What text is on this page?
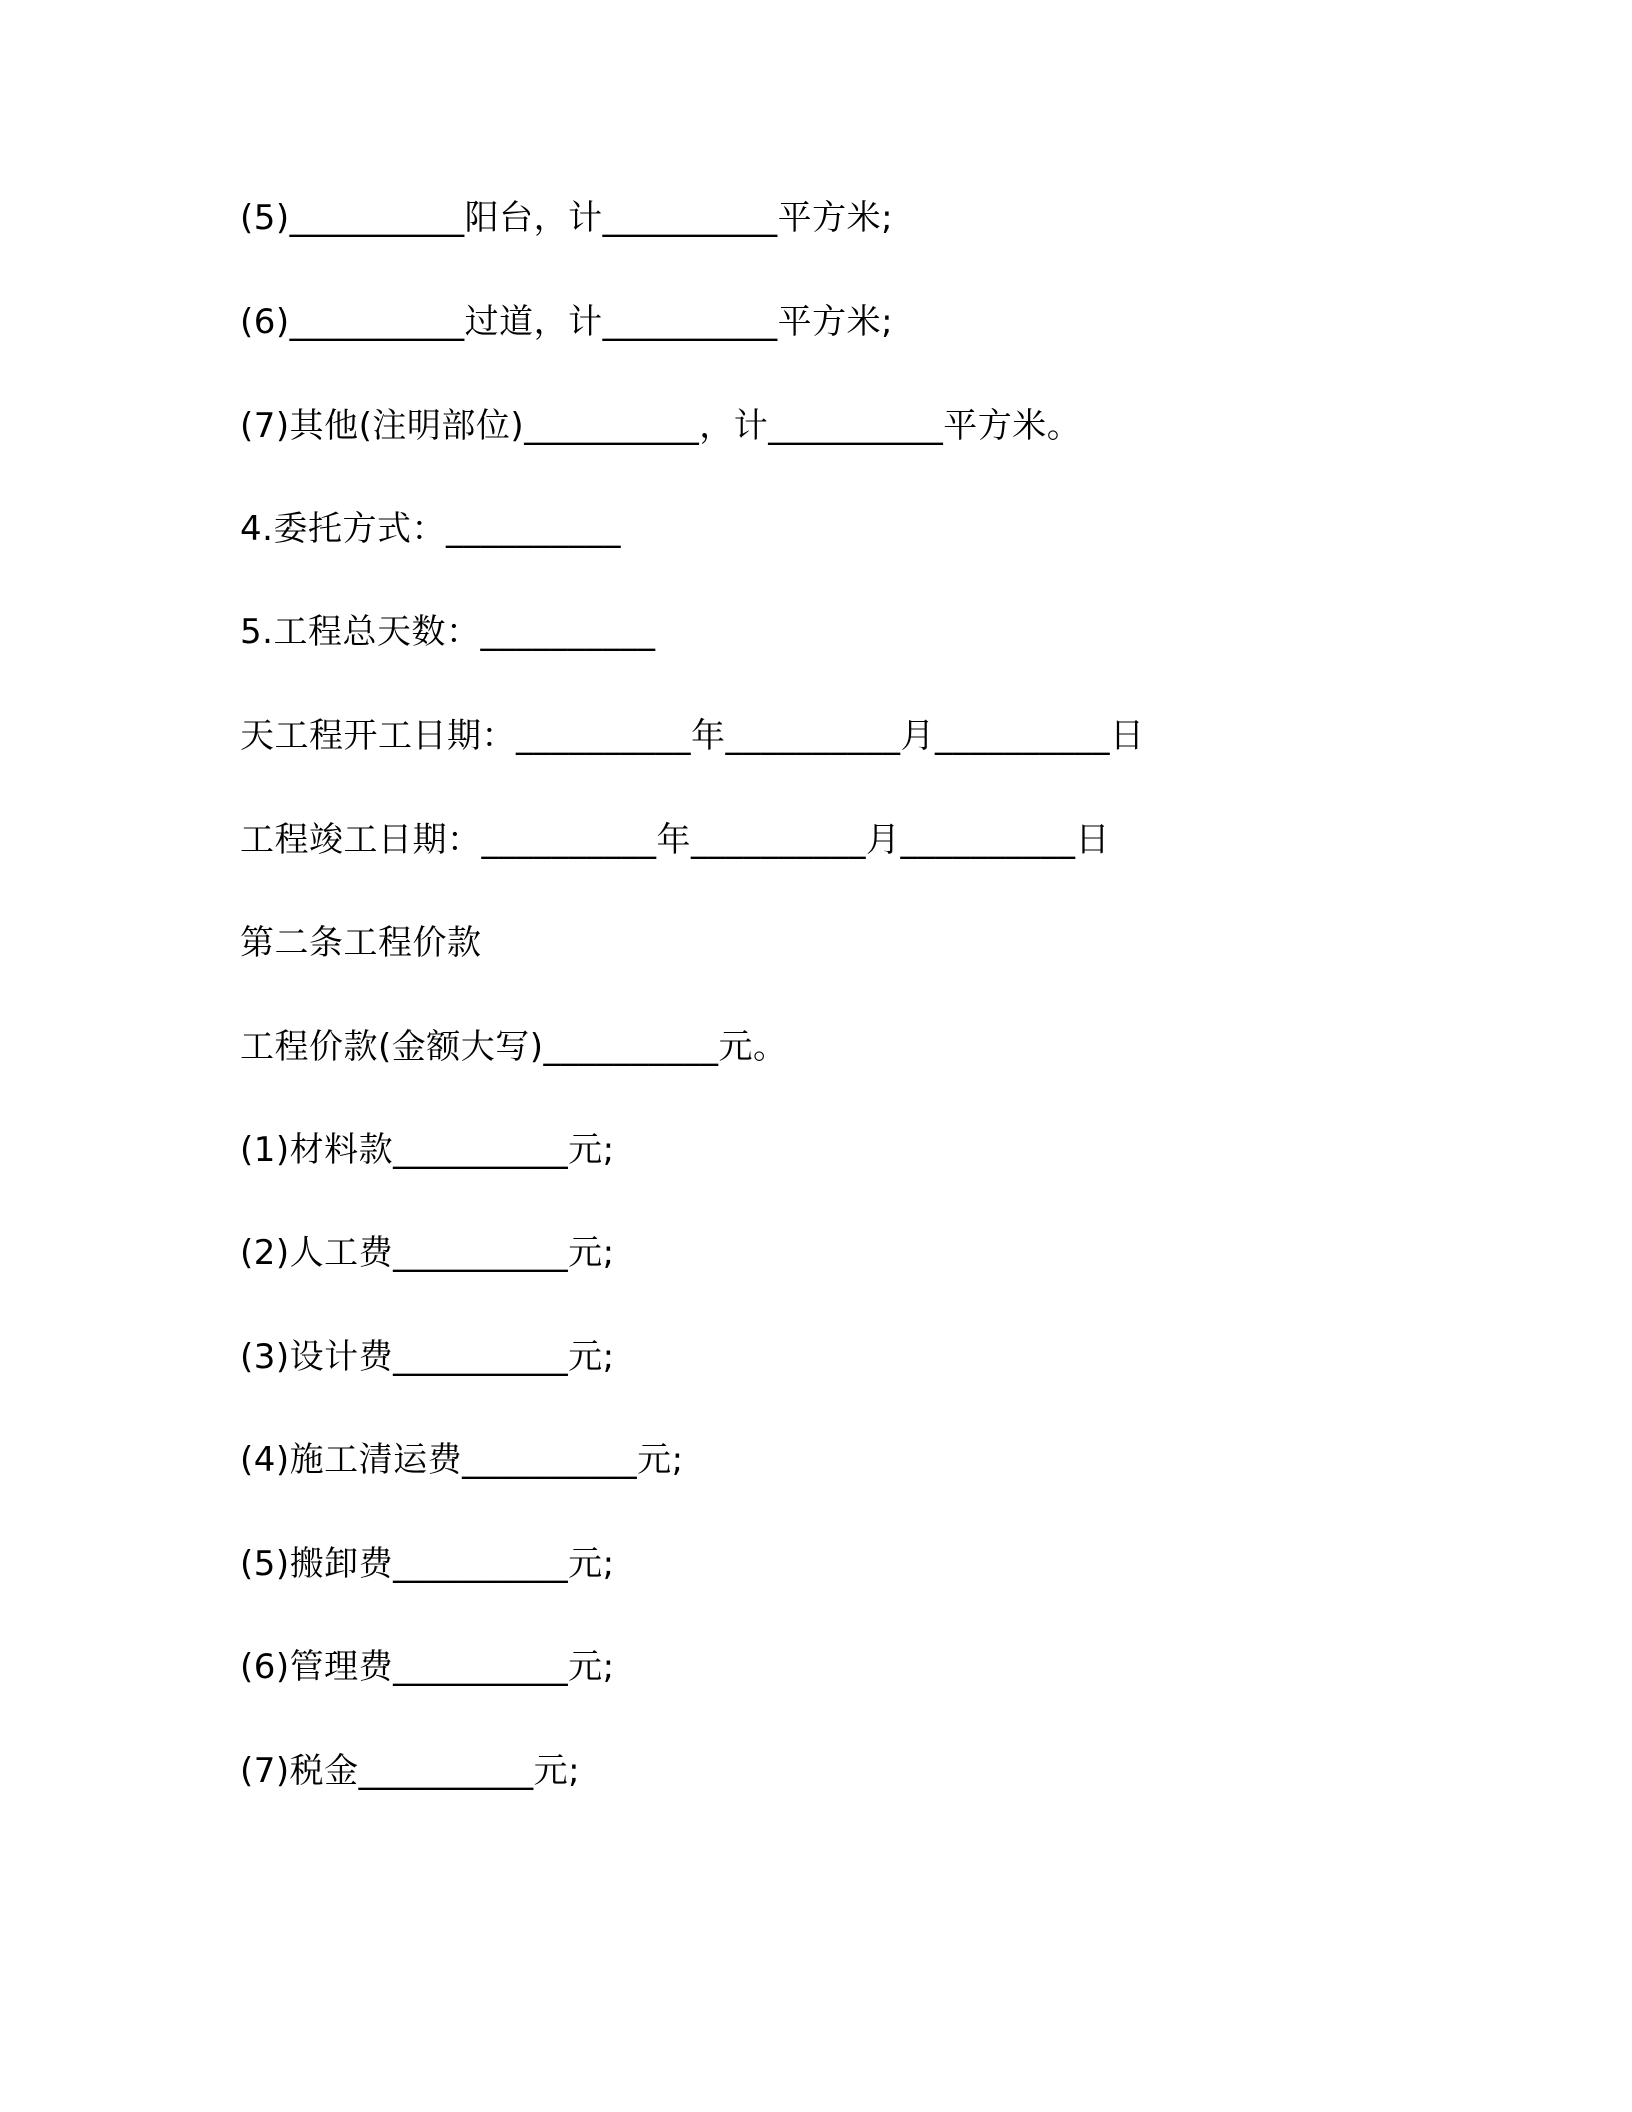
(5)__________阳台，计__________平方米;
(6)__________过道，计__________平方米;
(7)其他(注明部位)__________，计__________平方米。
4.委托方式：__________
5.工程总天数：__________
天工程开工日期：__________年__________月__________日
工程竣工日期：__________年__________月__________日
第二条工程价款
工程价款(金额大写)__________元。
(1)材料款__________元;
(2)人工费__________元;
(3)设计费__________元;
(4)施工清运费__________元;
(5)搬卸费__________元;
(6)管理费__________元;
(7)税金__________元;
